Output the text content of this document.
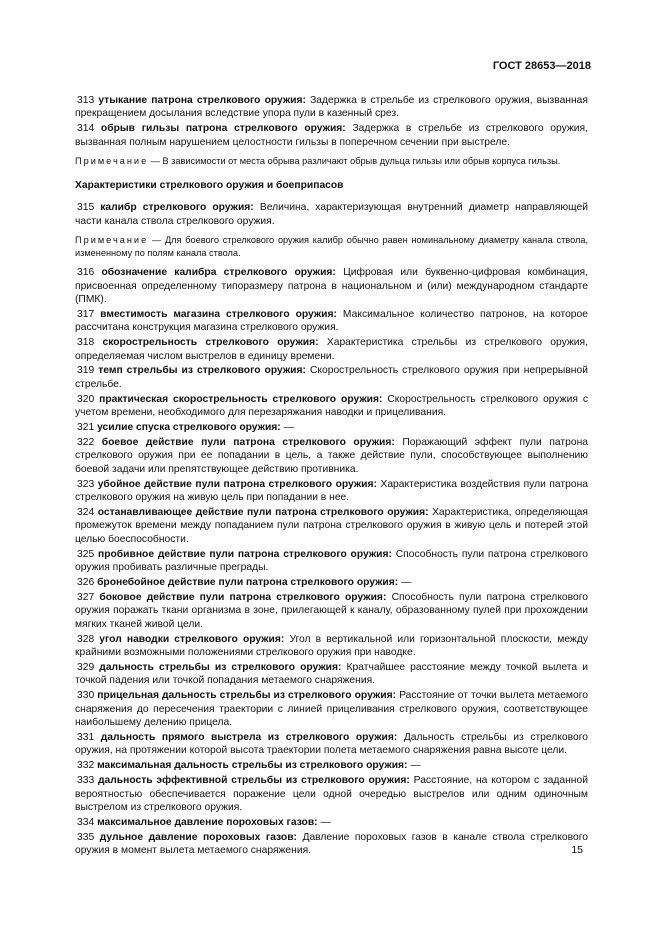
ГОСТ 28653—2018

313 утыкание патрона стрелкового оружия: Задержка в стрельбе из стрелкового оружия, вызванная прекращением досылания вследствие упора пули в казенный срез.

314 обрыв гильзы патрона стрелкового оружия: Задержка в стрельбе из стрелкового оружия, вызванная полным нарушением целостности гильзы в поперечном сечении при выстреле.

Примечание — В зависимости от места обрыва различают обрыв дульца гильзы или обрыв корпуса гильзы.
Характеристики стрелкового оружия и боеприпасов

315 калибр стрелкового оружия: Величина, характеризующая внутренний диаметр направляющей части канала ствола стрелкового оружия.

Примечание — Для боевого стрелкового оружия калибр обычно равен номинальному диаметру канала ствола, измененному по полям канала ствола.

316 обозначение калибра стрелкового оружия: Цифровая или буквенно-цифровая комбинация, присвоенная определенному типоразмеру патрона в национальном и (или) международном стандарте (ПМК).

317 вместимость магазина стрелкового оружия: Максимальное количество патронов, на которое рассчитана конструкция магазина стрелкового оружия.

318 скорострельность стрелкового оружия: Характеристика стрельбы из стрелкового оружия, определяемая числом выстрелов в единицу времени.

319 темп стрельбы из стрелкового оружия: Скорострельность стрелкового оружия при непрерывной стрельбе.

320 практическая скорострельность стрелкового оружия: Скорострельность стрелкового оружия с учетом времени, необходимого для перезаряжания наводки и прицеливания.

321 усилие спуска стрелкового оружия: —

322 боевое действие пули патрона стрелкового оружия: Поражающий эффект пули патрона стрелкового оружия при ее попадании в цель, а также действие пули, способствующее выполнению боевой задачи или препятствующее действию противника.

323 убойное действие пули патрона стрелкового оружия: Характеристика воздействия пули патрона стрелкового оружия на живую цель при попадании в нее.

324 останавливающее действие пули патрона стрелкового оружия: Характеристика, определяющая промежуток времени между попаданием пули патрона стрелкового оружия в живую цель и потерей этой целью боеспособности.

325 пробивное действие пули патрона стрелкового оружия: Способность пули патрона стрелкового оружия пробивать различные преграды.

326 бронебойное действие пули патрона стрелкового оружия: —

327 боковое действие пули патрона стрелкового оружия: Способность пули патрона стрелкового оружия поражать ткани организма в зоне, прилегающей к каналу, образованному пулей при прохождении мягких тканей живой цели.

328 угол наводки стрелкового оружия: Угол в вертикальной или горизонтальной плоскости, между крайними возможными положениями стрелкового оружия при наводке.

329 дальность стрельбы из стрелкового оружия: Кратчайшее расстояние между точкой вылета и точкой падения или точкой попадания метаемого снаряжения.

330 прицельная дальность стрельбы из стрелкового оружия: Расстояние от точки вылета метаемого снаряжения до пересечения траектории с линией прицеливания стрелкового оружия, соответствующее наибольшему делению прицела.

331 дальность прямого выстрела из стрелкового оружия: Дальность стрельбы из стрелкового оружия, на протяжении которой высота траектории полета метаемого снаряжения равна высоте цели.

332 максимальная дальность стрельбы из стрелкового оружия: —

333 дальность эффективной стрельбы из стрелкового оружия: Расстояние, на котором с заданной вероятностью обеспечивается поражение цели одной очередью выстрелов или одним одиночным выстрелом из стрелкового оружия.

334 максимальное давление пороховых газов: —

335 дульное давление пороховых газов: Давление пороховых газов в канале ствола стрелкового оружия в момент вылета метаемого снаряжения.	15
